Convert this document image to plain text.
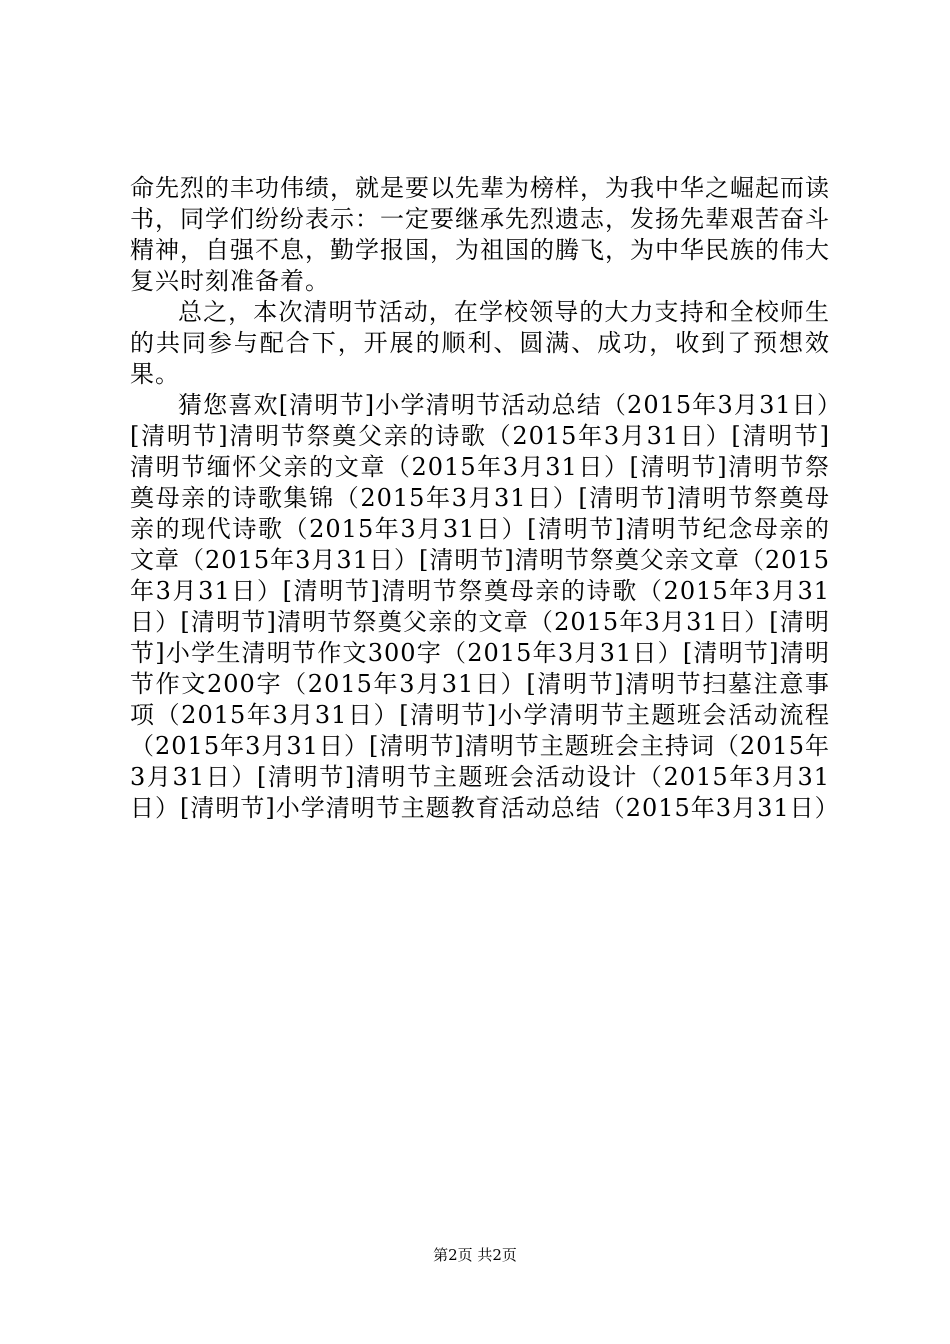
命先烈的丰功伟绩，就是要以先辈为榜样，为我中华之崛起而读书，同学们纷纷表示：一定要继承先烈遗志，发扬先辈艰苦奋斗精神，自强不息，勤学报国，为祖国的腾飞，为中华民族的伟大复兴时刻准备着。

总之，本次清明节活动，在学校领导的大力支持和全校师生的共同参与配合下，开展的顺利、圆满、成功，收到了预想效果。

猜您喜欢[清明节]小学清明节活动总结（2015年3月31日）[清明节]清明节祭奠父亲的诗歌（2015年3月31日）[清明节]清明节缅怀父亲的文章（2015年3月31日）[清明节]清明节祭奠母亲的诗歌集锦（2015年3月31日）[清明节]清明节祭奠母亲的现代诗歌（2015年3月31日）[清明节]清明节纪念母亲的文章（2015年3月31日）[清明节]清明节祭奠父亲文章（2015年3月31日）[清明节]清明节祭奠母亲的诗歌（2015年3月31日）[清明节]清明节祭奠父亲的文章（2015年3月31日）[清明节]小学生清明节作文300字（2015年3月31日）[清明节]清明节作文200字（2015年3月31日）[清明节]清明节扫墓注意事项（2015年3月31日）[清明节]小学清明节主题班会活动流程（2015年3月31日）[清明节]清明节主题班会主持词（2015年3月31日）[清明节]清明节主题班会活动设计（2015年3月31日）[清明节]小学清明节主题教育活动总结（2015年3月31日）

第2页 共2页
